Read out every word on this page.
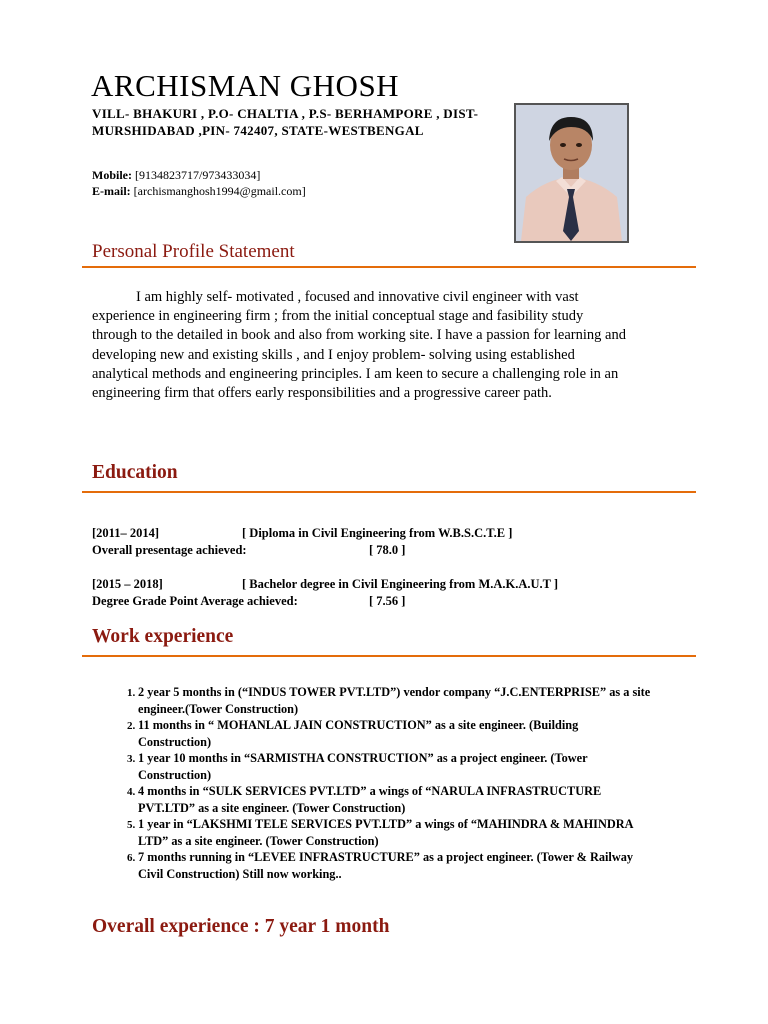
ARCHISMAN GHOSH
VILL- BHAKURI , P.O- CHALTIA , P.S- BERHAMPORE , DIST- MURSHIDABAD ,PIN- 742407, STATE-WESTBENGAL
Mobile: [9134823717/973433034]
E-mail: [archismanghosh1994@gmail.com]
Personal Profile Statement

I am highly self- motivated , focused and innovative civil engineer with vast experience in engineering firm ; from the initial conceptual stage and fasibility study through to the detailed in book and also from working site. I have a passion for learning and developing new and existing skills , and I enjoy problem- solving using established analytical methods and engineering principles. I am keen to secure a challenging role in an engineering firm that offers early responsibilities and a progressive career path.

Education
[2011– 2014]	[ Diploma in Civil Engineering from W.B.S.C.T.E ]
Overall presentage achieved:	[ 78.0 ]
[2015 – 2018]	[ Bachelor degree in Civil Engineering from M.A.K.A.U.T ]
Degree Grade Point Average achieved:	[ 7.56 ]
Work experience
1. 2 year 5 months in (“INDUS TOWER PVT.LTD”) vendor company “J.C.ENTERPRISE” as a site engineer.(Tower Construction)
2. 11 months in “ MOHANLAL JAIN CONSTRUCTION” as a site engineer. (Building Construction)
3. 1 year 10 months in “SARMISTHA CONSTRUCTION” as a project engineer. (Tower Construction)
4. 4 months in “SULK SERVICES PVT.LTD” a wings of “NARULA INFRASTRUCTURE PVT.LTD” as a site engineer. (Tower Construction)
5. 1 year in “LAKSHMI TELE SERVICES PVT.LTD” a wings of “MAHINDRA & MAHINDRA LTD” as a site engineer. (Tower Construction)
6. 7 months running in “LEVEE INFRASTRUCTURE” as a project engineer. (Tower & Railway Civil Construction) Still now working..
Overall experience : 7 year 1 month
